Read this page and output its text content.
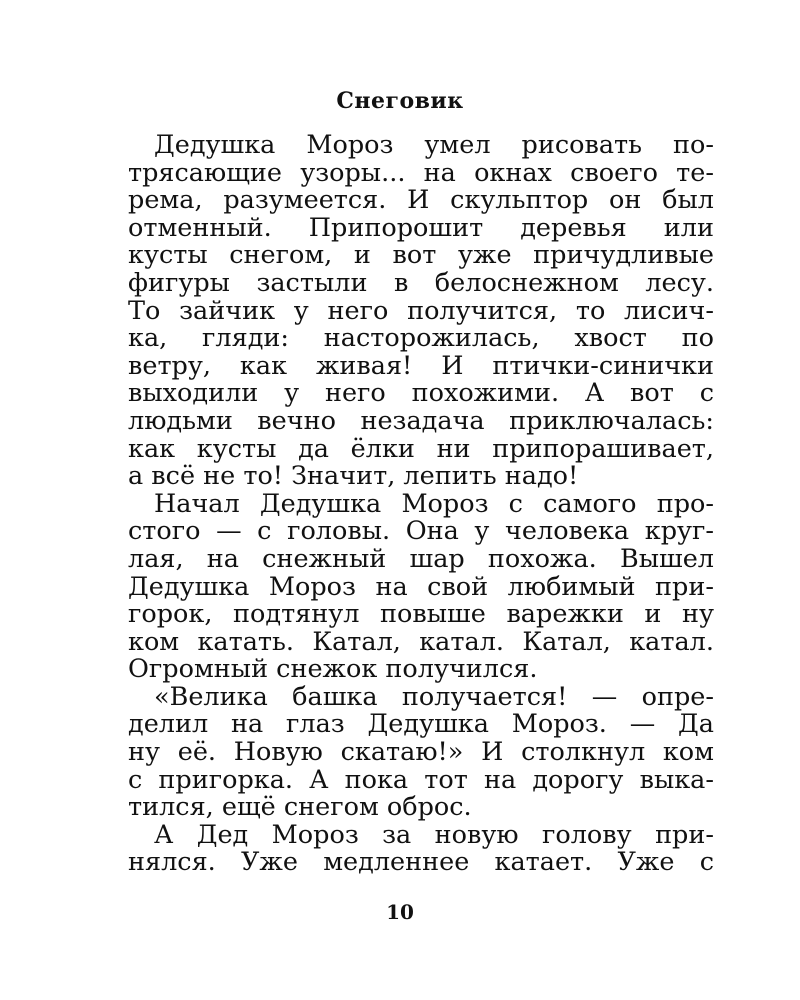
Снеговик
Дедушка Мороз умел рисовать по-
трясающие узоры... на окнах своего те-
рема, разумеется. И скульптор он был
отменный. Припорошит деревья или
кусты снегом, и вот уже причудливые
фигуры застыли в белоснежном лесу.
То зайчик у него получится, то лисич-
ка, гляди: насторожилась, хвост по
ветру, как живая! И птички-синички
выходили у него похожими. А вот с
людьми вечно незадача приключалась:
как кусты да ёлки ни припорашивает,
а всё не то! Значит, лепить надо!
Начал Дедушка Мороз с самого про-
стого — с головы. Она у человека круг-
лая, на снежный шар похожа. Вышел
Дедушка Мороз на свой любимый при-
горок, подтянул повыше варежки и ну
ком катать. Катал, катал. Катал, катал.
Огромный снежок получился.
«Велика башка получается! — опре-
делил на глаз Дедушка Мороз. — Да
ну её. Новую скатаю!» И столкнул ком
с пригорка. А пока тот на дорогу выка-
тился, ещё снегом оброс.
А Дед Мороз за новую голову при-
нялся. Уже медленнее катает. Уже с
10
